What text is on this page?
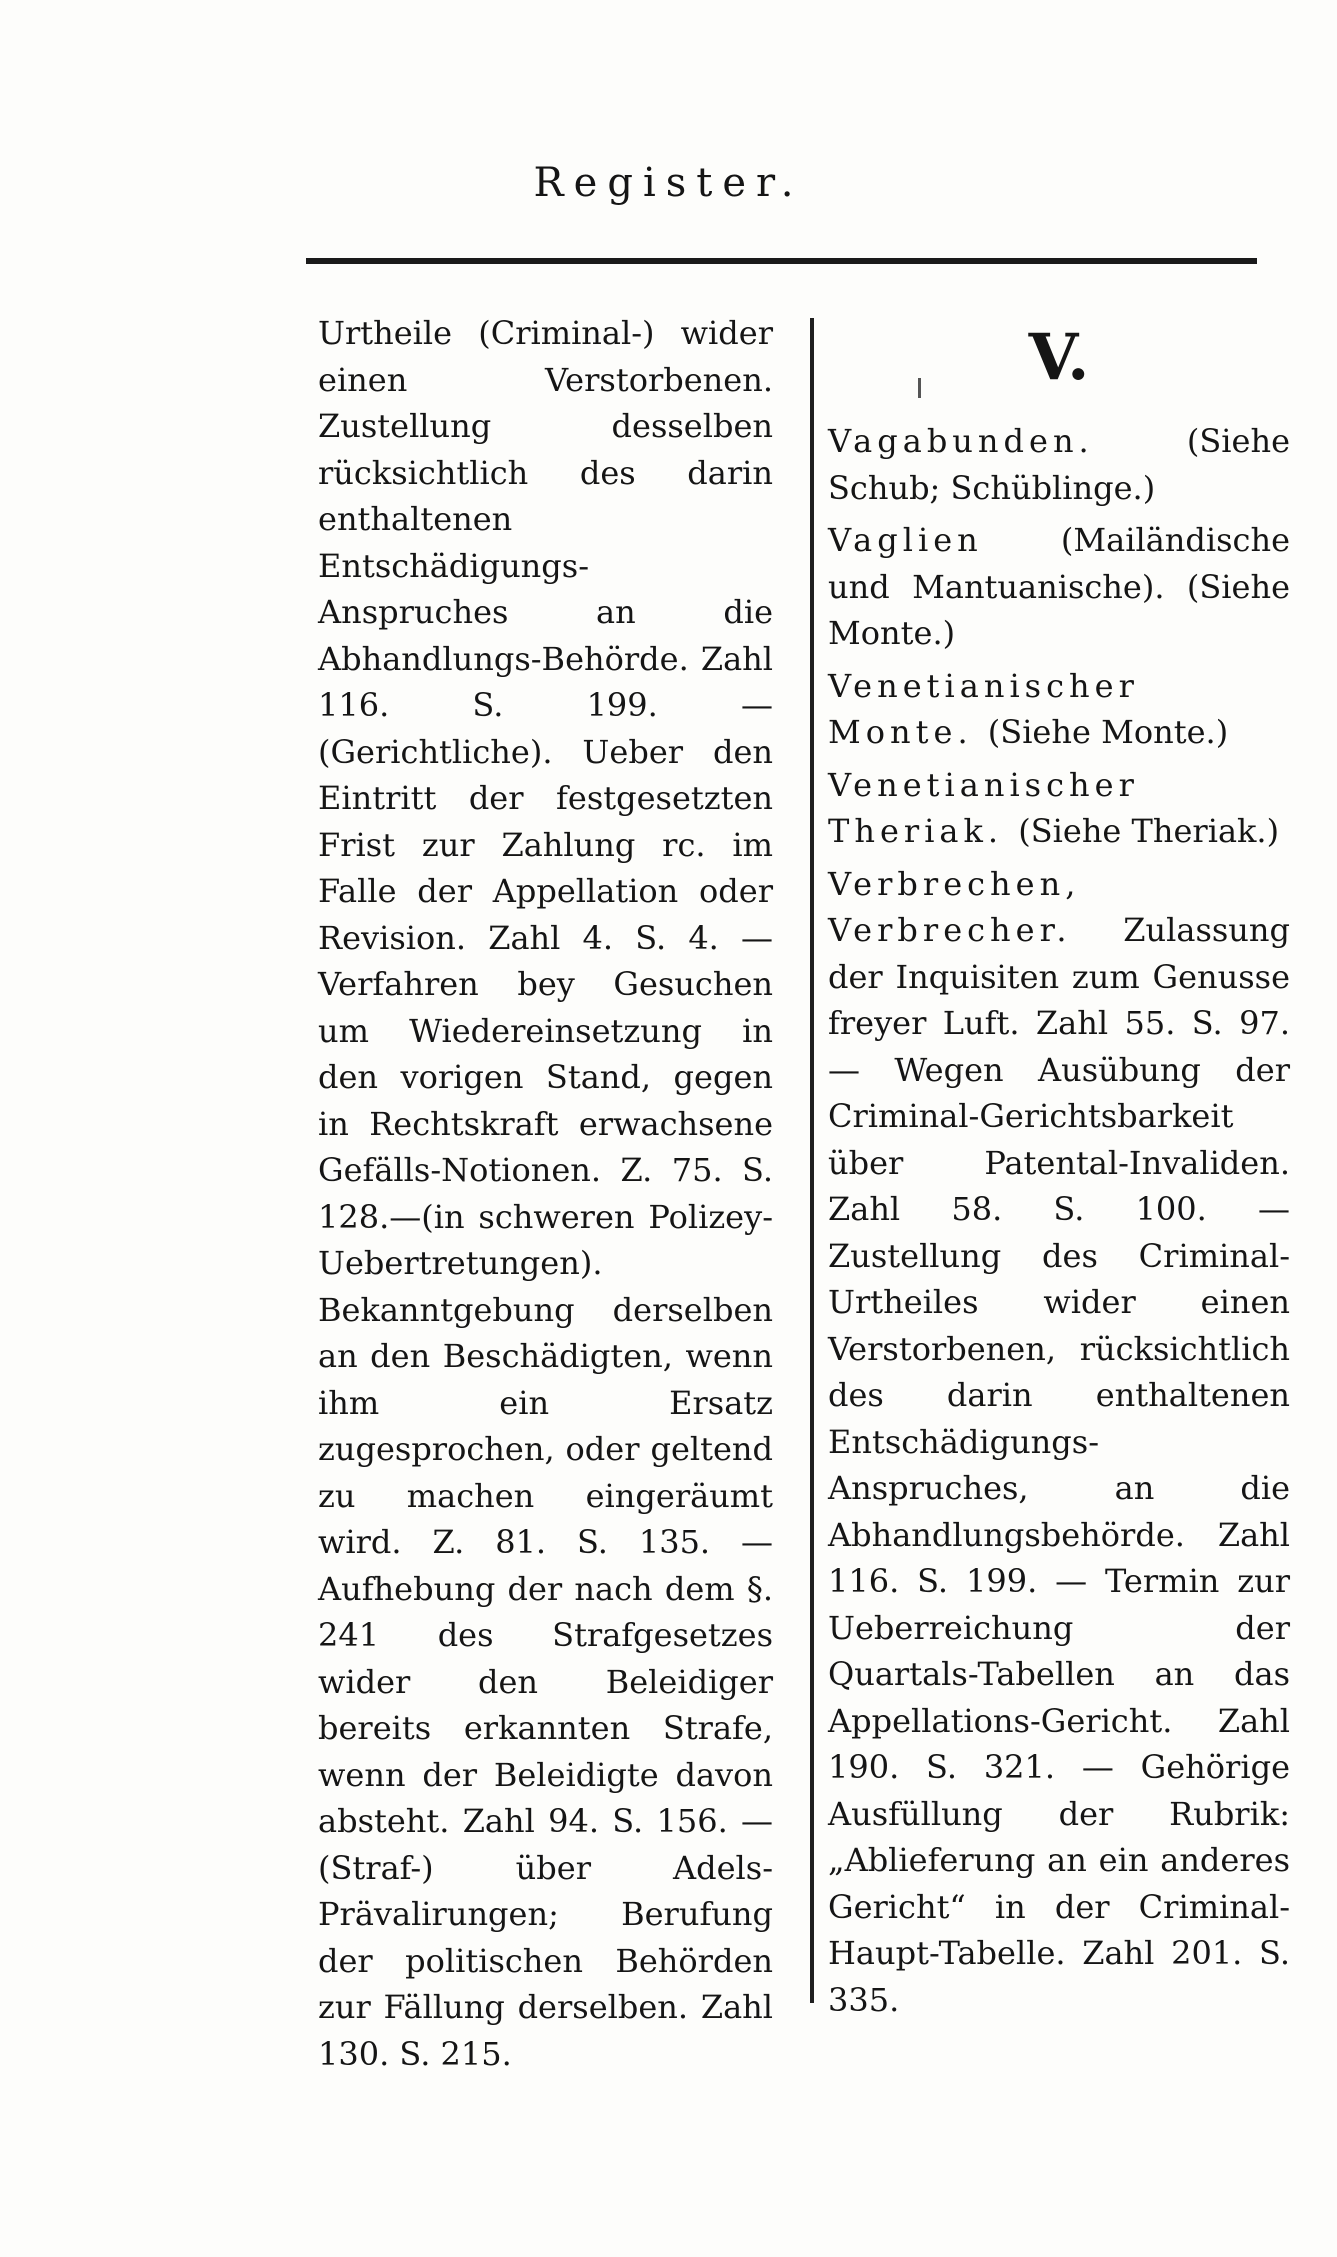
Register.
Urtheile (Criminal-) wider einen Verstorbenen. Zustellung desselben rücksichtlich des darin enthaltenen Entschädigungs-Anspruches an die Abhandlungs-Behörde. Zahl 116. S. 199. —(Gerichtliche). Ueber den Eintritt der festgesetzten Frist zur Zahlung rc. im Falle der Appellation oder Revision. Zahl 4. S. 4. — Verfahren bey Gesuchen um Wiedereinsetzung in den vorigen Stand, gegen in Rechtskraft erwachsene Gefälls-Notionen. Z. 75. S. 128.—(in schweren Polizey-Uebertretungen). Bekanntgebung derselben an den Beschädigten, wenn ihm ein Ersatz zugesprochen, oder geltend zu machen eingeräumt wird. Z. 81. S. 135. —Aufhebung der nach dem §. 241 des Strafgesetzes wider den Beleidiger bereits erkannten Strafe, wenn der Beleidigte davon absteht. Zahl 94. S. 156. — (Straf-) über Adels-Prävalirungen; Berufung der politischen Behörden zur Fällung derselben. Zahl 130. S. 215.
V.
Vagabunden. (Siehe Schub; Schüblinge.)
Vaglien (Mailändische und Mantuanische). (Siehe Monte.)
Venetianischer Monte. (Siehe Monte.)
Venetianischer Theriak. (Siehe Theriak.)
Verbrechen, Verbrecher. Zulassung der Inquisiten zum Genusse freyer Luft. Zahl 55. S. 97. — Wegen Ausübung der Criminal-Gerichtsbarkeit über Patental-Invaliden. Zahl 58. S. 100. — Zustellung des Criminal-Urtheiles wider einen Verstorbenen, rücksichtlich des darin enthaltenen Entschädigungs-Anspruches, an die Abhandlungsbehörde. Zahl 116. S. 199. — Termin zur Ueberreichung der Quartals-Tabellen an das Appellations-Gericht. Zahl 190. S. 321. — Gehörige Ausfüllung der Rubrik: „Ablieferung an ein anderes Gericht“ in der Criminal-Haupt-Tabelle. Zahl 201. S. 335.
